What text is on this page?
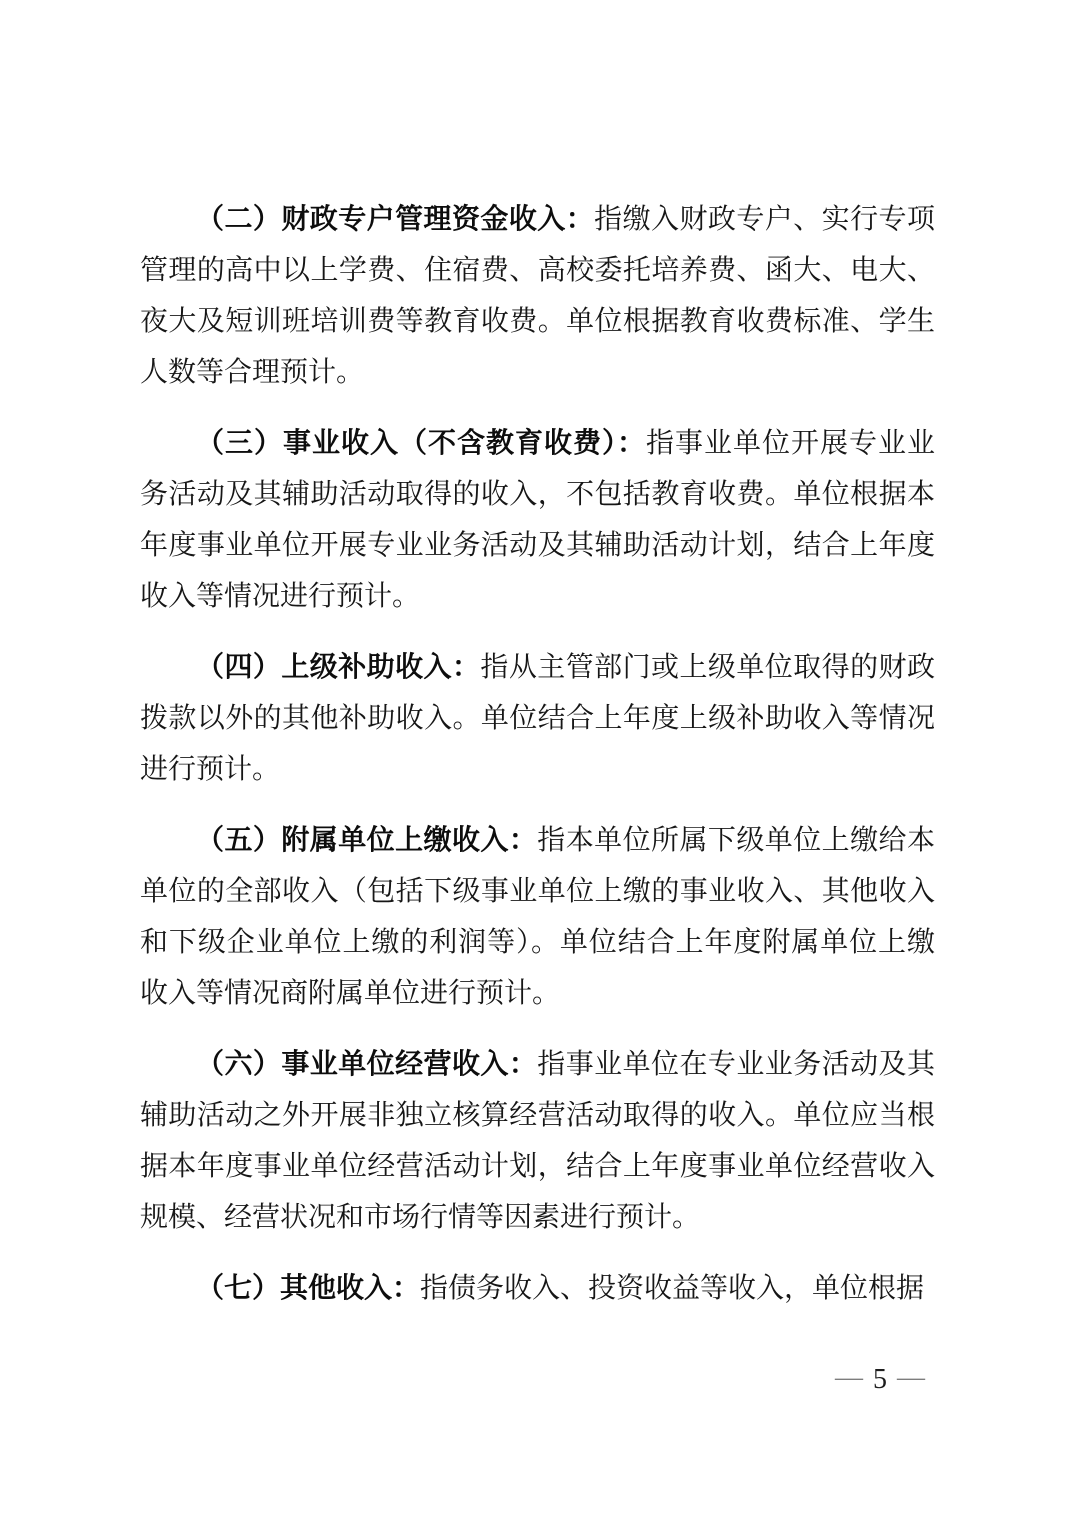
（二）财政专户管理资金收入：指缴入财政专户、实行专项管理的高中以上学费、住宿费、高校委托培养费、函大、电大、夜大及短训班培训费等教育收费。单位根据教育收费标准、学生人数等合理预计。

（三）事业收入（不含教育收费）：指事业单位开展专业业务活动及其辅助活动取得的收入，不包括教育收费。单位根据本年度事业单位开展专业业务活动及其辅助活动计划，结合上年度收入等情况进行预计。

（四）上级补助收入：指从主管部门或上级单位取得的财政拨款以外的其他补助收入。单位结合上年度上级补助收入等情况进行预计。

（五）附属单位上缴收入：指本单位所属下级单位上缴给本单位的全部收入（包括下级事业单位上缴的事业收入、其他收入和下级企业单位上缴的利润等）。单位结合上年度附属单位上缴收入等情况商附属单位进行预计。

（六）事业单位经营收入：指事业单位在专业业务活动及其辅助活动之外开展非独立核算经营活动取得的收入。单位应当根据本年度事业单位经营活动计划，结合上年度事业单位经营收入规模、经营状况和市场行情等因素进行预计。

（七）其他收入：指债务收入、投资收益等收入，单位根据

— 5 —
